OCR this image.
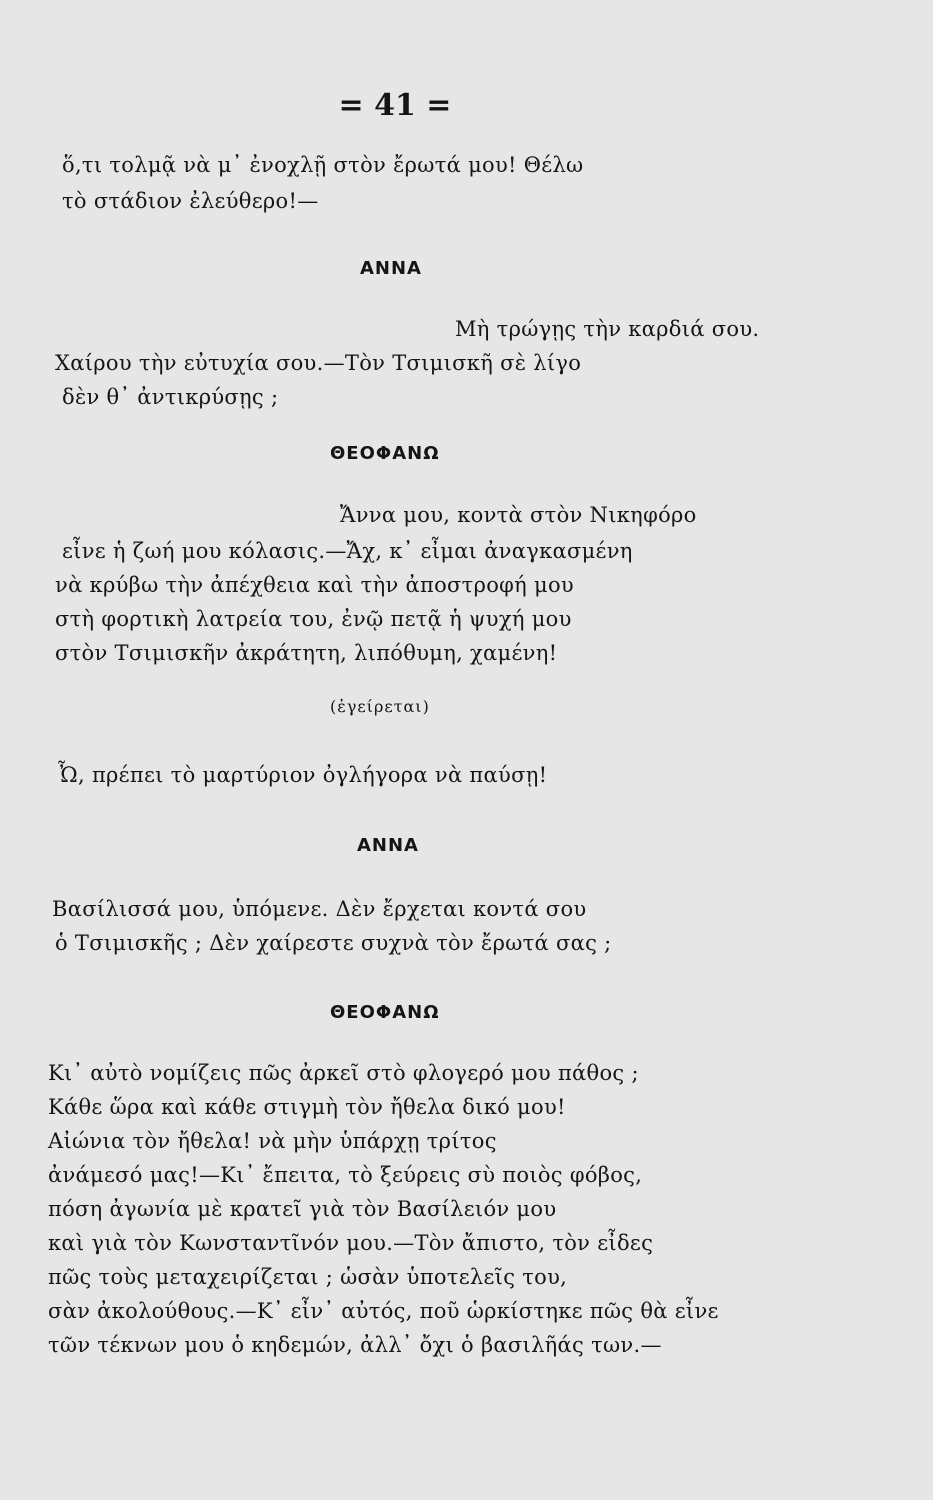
= 41 =
ὅ,τι τολμᾷ νὰ μ᾽ ἐνοχλῇ στὸν ἔρωτά μου! Θέλω
τὸ στάδιον ἐλεύθερο!—
ΑΝΝΑ
Μὴ τρώγῃς τὴν καρδιά σου.
Χαίρου τὴν εὐτυχία σου.—Τὸν Τσιμισκῆ σὲ λίγο
δὲν θ᾽ ἀντικρύσῃς ;
ΘΕΟΦΑΝΩ
Ἄννα μου, κοντὰ στὸν Νικηφόρο
εἶνε ἡ ζωή μου κόλασις.—Ἄχ, κ᾽ εἶμαι ἀναγκασμένη
νὰ κρύβω τὴν ἀπέχθεια καὶ τὴν ἀποστροφή μου
στὴ φορτικὴ λατρεία του, ἐνῷ πετᾷ ἡ ψυχή μου
στὸν Τσιμισκῆν ἀκράτητη, λιπόθυμη, χαμένη!
(ἐγείρεται)
Ὦ, πρέπει τὸ μαρτύριον ὀγλήγορα νὰ παύσῃ!
ΑΝΝΑ
Βασίλισσά μου, ὑπόμενε. Δὲν ἔρχεται κοντά σου
ὁ Τσιμισκῆς ; Δὲν χαίρεστε συχνὰ τὸν ἔρωτά σας ;
ΘΕΟΦΑΝΩ
Κι᾽ αὐτὸ νομίζεις πῶς ἀρκεῖ στὸ φλογερό μου πάθος ;
Κάθε ὥρα καὶ κάθε στιγμὴ τὸν ἤθελα δικό μου!
Αἰώνια τὸν ἤθελα! νὰ μὴν ὑπάρχῃ τρίτος
ἀνάμεσό μας!—Κι᾽ ἔπειτα, τὸ ξεύρεις σὺ ποιὸς φόβος,
πόση ἀγωνία μὲ κρατεῖ γιὰ τὸν Βασίλειόν μου
καὶ γιὰ τὸν Κωνσταντῖνόν μου.—Τὸν ἄπιστο, τὸν εἶδες
πῶς τοὺς μεταχειρίζεται ; ὡσὰν ὑποτελεῖς του,
σὰν ἀκολούθους.—Κ᾽ εἶν᾽ αὐτός, ποῦ ὡρκίστηκε πῶς θὰ εἶνε
τῶν τέκνων μου ὁ κηδεμών, ἀλλ᾽ ὄχι ὁ βασιλῆάς των.—
